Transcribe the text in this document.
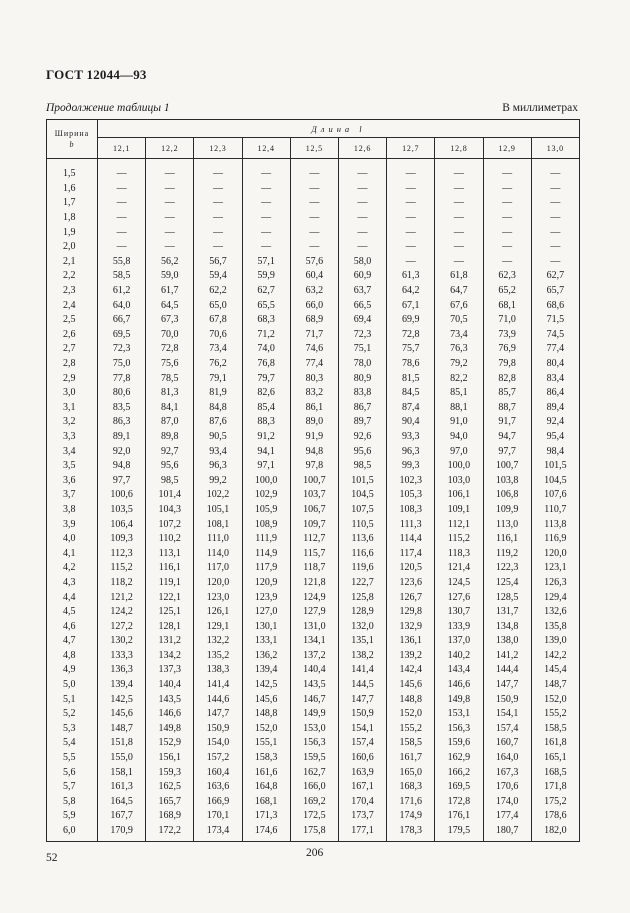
ГОСТ 12044—93
Продолжение таблицы 1	В миллиметрах
Ширина
b	Длина l									
	12,1	12,2	12,3	12,4	12,5	12,6	12,7	12,8	12,9	13,0
1,5	—	—	—	—	—	—	—	—	—	—
1,6	—	—	—	—	—	—	—	—	—	—
1,7	—	—	—	—	—	—	—	—	—	—
1,8	—	—	—	—	—	—	—	—	—	—
1,9	—	—	—	—	—	—	—	—	—	—
2,0	—	—	—	—	—	—	—	—	—	—
2,1	55,8	56,2	56,7	57,1	57,6	58,0	—	—	—	—
2,2	58,5	59,0	59,4	59,9	60,4	60,9	61,3	61,8	62,3	62,7
2,3	61,2	61,7	62,2	62,7	63,2	63,7	64,2	64,7	65,2	65,7
2,4	64,0	64,5	65,0	65,5	66,0	66,5	67,1	67,6	68,1	68,6
2,5	66,7	67,3	67,8	68,3	68,9	69,4	69,9	70,5	71,0	71,5
2,6	69,5	70,0	70,6	71,2	71,7	72,3	72,8	73,4	73,9	74,5
2,7	72,3	72,8	73,4	74,0	74,6	75,1	75,7	76,3	76,9	77,4
2,8	75,0	75,6	76,2	76,8	77,4	78,0	78,6	79,2	79,8	80,4
2,9	77,8	78,5	79,1	79,7	80,3	80,9	81,5	82,2	82,8	83,4
3,0	80,6	81,3	81,9	82,6	83,2	83,8	84,5	85,1	85,7	86,4
3,1	83,5	84,1	84,8	85,4	86,1	86,7	87,4	88,1	88,7	89,4
3,2	86,3	87,0	87,6	88,3	89,0	89,7	90,4	91,0	91,7	92,4
3,3	89,1	89,8	90,5	91,2	91,9	92,6	93,3	94,0	94,7	95,4
3,4	92,0	92,7	93,4	94,1	94,8	95,6	96,3	97,0	97,7	98,4
3,5	94,8	95,6	96,3	97,1	97,8	98,5	99,3	100,0	100,7	101,5
3,6	97,7	98,5	99,2	100,0	100,7	101,5	102,3	103,0	103,8	104,5
3,7	100,6	101,4	102,2	102,9	103,7	104,5	105,3	106,1	106,8	107,6
3,8	103,5	104,3	105,1	105,9	106,7	107,5	108,3	109,1	109,9	110,7
3,9	106,4	107,2	108,1	108,9	109,7	110,5	111,3	112,1	113,0	113,8
4,0	109,3	110,2	111,0	111,9	112,7	113,6	114,4	115,2	116,1	116,9
4,1	112,3	113,1	114,0	114,9	115,7	116,6	117,4	118,3	119,2	120,0
4,2	115,2	116,1	117,0	117,9	118,7	119,6	120,5	121,4	122,3	123,1
4,3	118,2	119,1	120,0	120,9	121,8	122,7	123,6	124,5	125,4	126,3
4,4	121,2	122,1	123,0	123,9	124,9	125,8	126,7	127,6	128,5	129,4
4,5	124,2	125,1	126,1	127,0	127,9	128,9	129,8	130,7	131,7	132,6
4,6	127,2	128,1	129,1	130,1	131,0	132,0	132,9	133,9	134,8	135,8
4,7	130,2	131,2	132,2	133,1	134,1	135,1	136,1	137,0	138,0	139,0
4,8	133,3	134,2	135,2	136,2	137,2	138,2	139,2	140,2	141,2	142,2
4,9	136,3	137,3	138,3	139,4	140,4	141,4	142,4	143,4	144,4	145,4
5,0	139,4	140,4	141,4	142,5	143,5	144,5	145,6	146,6	147,7	148,7
5,1	142,5	143,5	144,6	145,6	146,7	147,7	148,8	149,8	150,9	152,0
5,2	145,6	146,6	147,7	148,8	149,9	150,9	152,0	153,1	154,1	155,2
5,3	148,7	149,8	150,9	152,0	153,0	154,1	155,2	156,3	157,4	158,5
5,4	151,8	152,9	154,0	155,1	156,3	157,4	158,5	159,6	160,7	161,8
5,5	155,0	156,1	157,2	158,3	159,5	160,6	161,7	162,9	164,0	165,1
5,6	158,1	159,3	160,4	161,6	162,7	163,9	165,0	166,2	167,3	168,5
5,7	161,3	162,5	163,6	164,8	166,0	167,1	168,3	169,5	170,6	171,8
5,8	164,5	165,7	166,9	168,1	169,2	170,4	171,6	172,8	174,0	175,2
5,9	167,7	168,9	170,1	171,3	172,5	173,7	174,9	176,1	177,4	178,6
6,0	170,9	172,2	173,4	174,6	175,8	177,1	178,3	179,5	180,7	182,0
52	206
